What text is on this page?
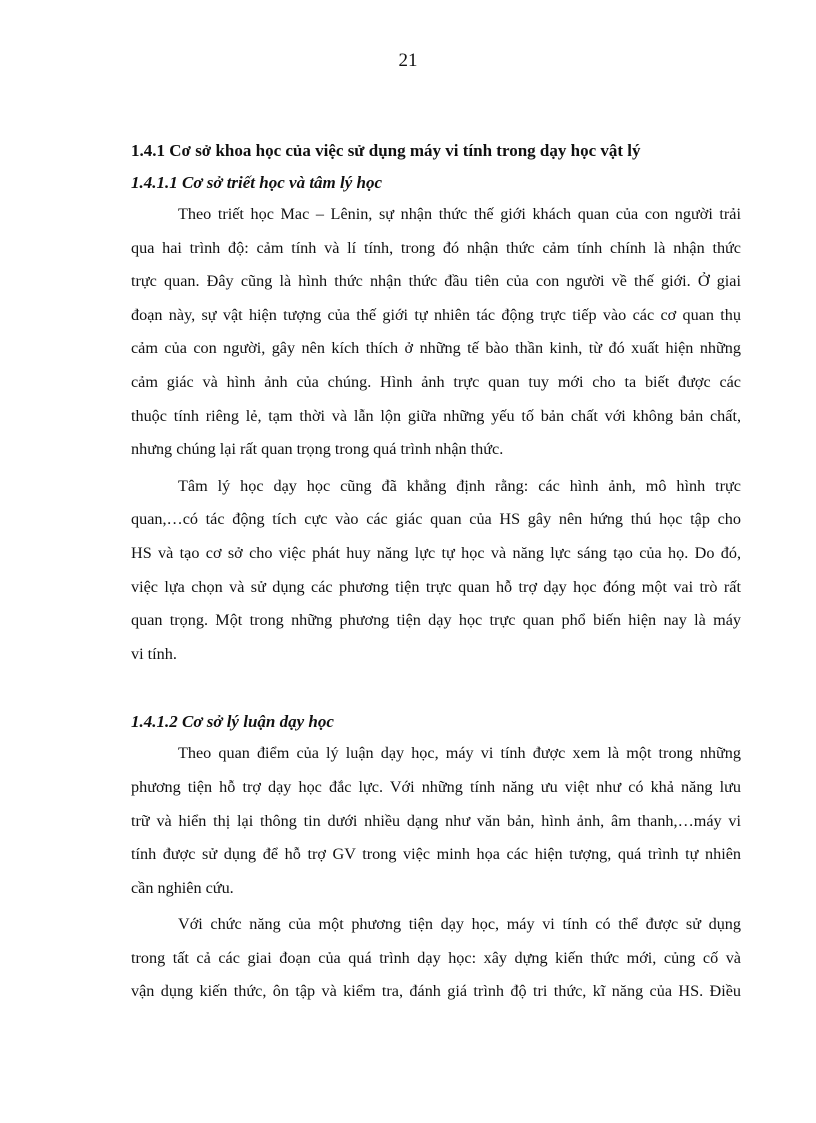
21
1.4.1 Cơ sở khoa học của việc sử dụng máy vi tính trong dạy học vật lý
1.4.1.1 Cơ sở triết học và tâm lý học
Theo triết học Mac – Lênin, sự nhận thức thế giới khách quan của con người trải
qua hai trình độ: cảm tính và lí tính, trong đó nhận thức cảm tính chính là nhận thức
trực quan. Đây cũng là hình thức nhận thức đầu tiên của con người về thế giới. Ở giai
đoạn này, sự vật hiện tượng của thế giới tự nhiên tác động trực tiếp vào các cơ quan thụ
cảm của con người, gây nên kích thích ở những tế bào thần kinh, từ đó xuất hiện những
cảm giác và hình ảnh của chúng. Hình ảnh trực quan tuy mới cho ta biết được các
thuộc tính riêng lẻ, tạm thời và lẫn lộn giữa những yếu tố bản chất với không bản chất,
nhưng chúng lại rất quan trọng trong quá trình nhận thức.
Tâm lý học dạy học cũng đã khẳng định rằng: các hình ảnh, mô hình trực
quan,…có tác động tích cực vào các giác quan của HS gây nên hứng thú học tập cho
HS và tạo cơ sở cho việc phát huy năng lực tự học và năng lực sáng tạo của họ. Do đó,
việc lựa chọn và sử dụng các phương tiện trực quan hỗ trợ dạy học đóng một vai trò rất
quan trọng. Một trong những phương tiện dạy học trực quan phổ biến hiện nay là máy
vi tính.
1.4.1.2 Cơ sở lý luận dạy học
Theo quan điểm của lý luận dạy học, máy vi tính được xem là một trong những
phương tiện hỗ trợ dạy học đắc lực. Với những tính năng ưu việt như có khả năng lưu
trữ và hiển thị lại thông tin dưới nhiều dạng như văn bản, hình ảnh, âm thanh,…máy vi
tính được sử dụng để hỗ trợ GV trong việc minh họa các hiện tượng, quá trình tự nhiên
cần nghiên cứu.
Với chức năng của một phương tiện dạy học, máy vi tính có thể được sử dụng
trong tất cả các giai đoạn của quá trình dạy học: xây dựng kiến thức mới, củng cố và
vận dụng kiến thức, ôn tập và kiểm tra, đánh giá trình độ tri thức, kĩ năng của HS. Điều
